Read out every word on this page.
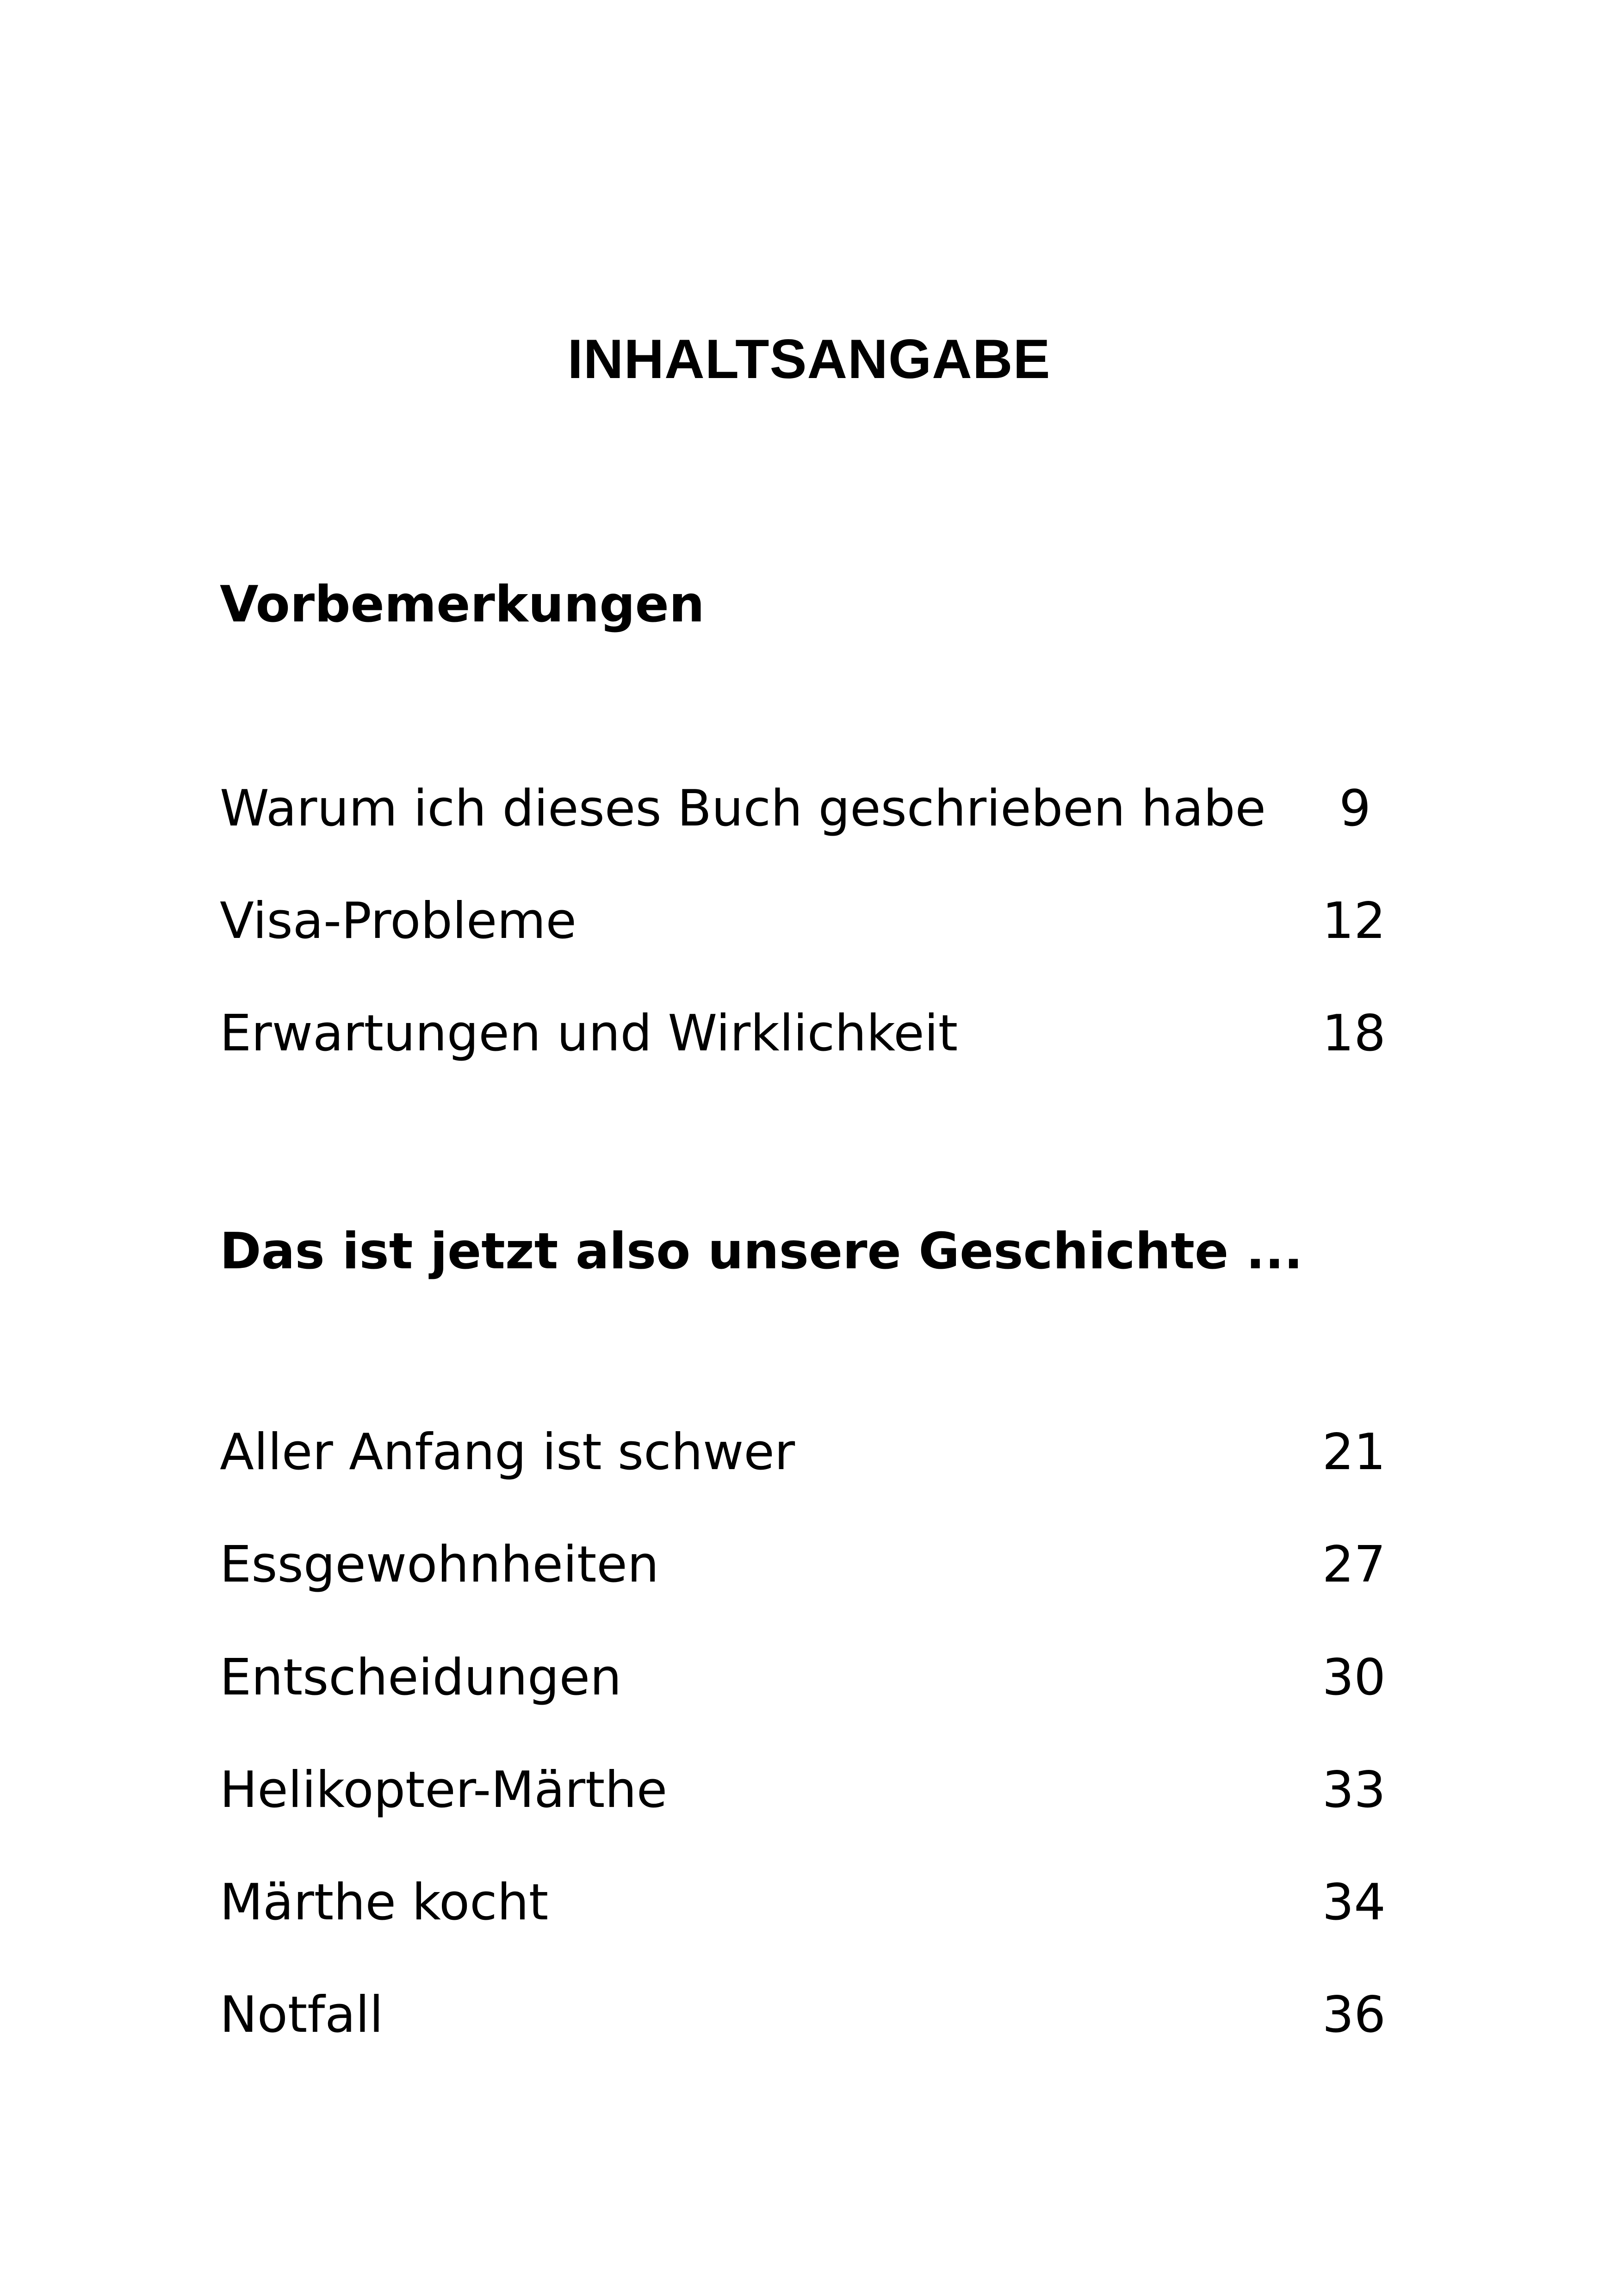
INHALTSANGABE
Vorbemerkungen
Warum ich dieses Buch geschrieben habe 9
Visa-Probleme	12
Erwartungen und Wirklichkeit	18
Das ist jetzt also unsere Geschichte ...
Aller Anfang ist schwer	21
Essgewohnheiten	27
Entscheidungen	30
Helikopter-Märthe	33
Märthe kocht	34
Notfall	36
